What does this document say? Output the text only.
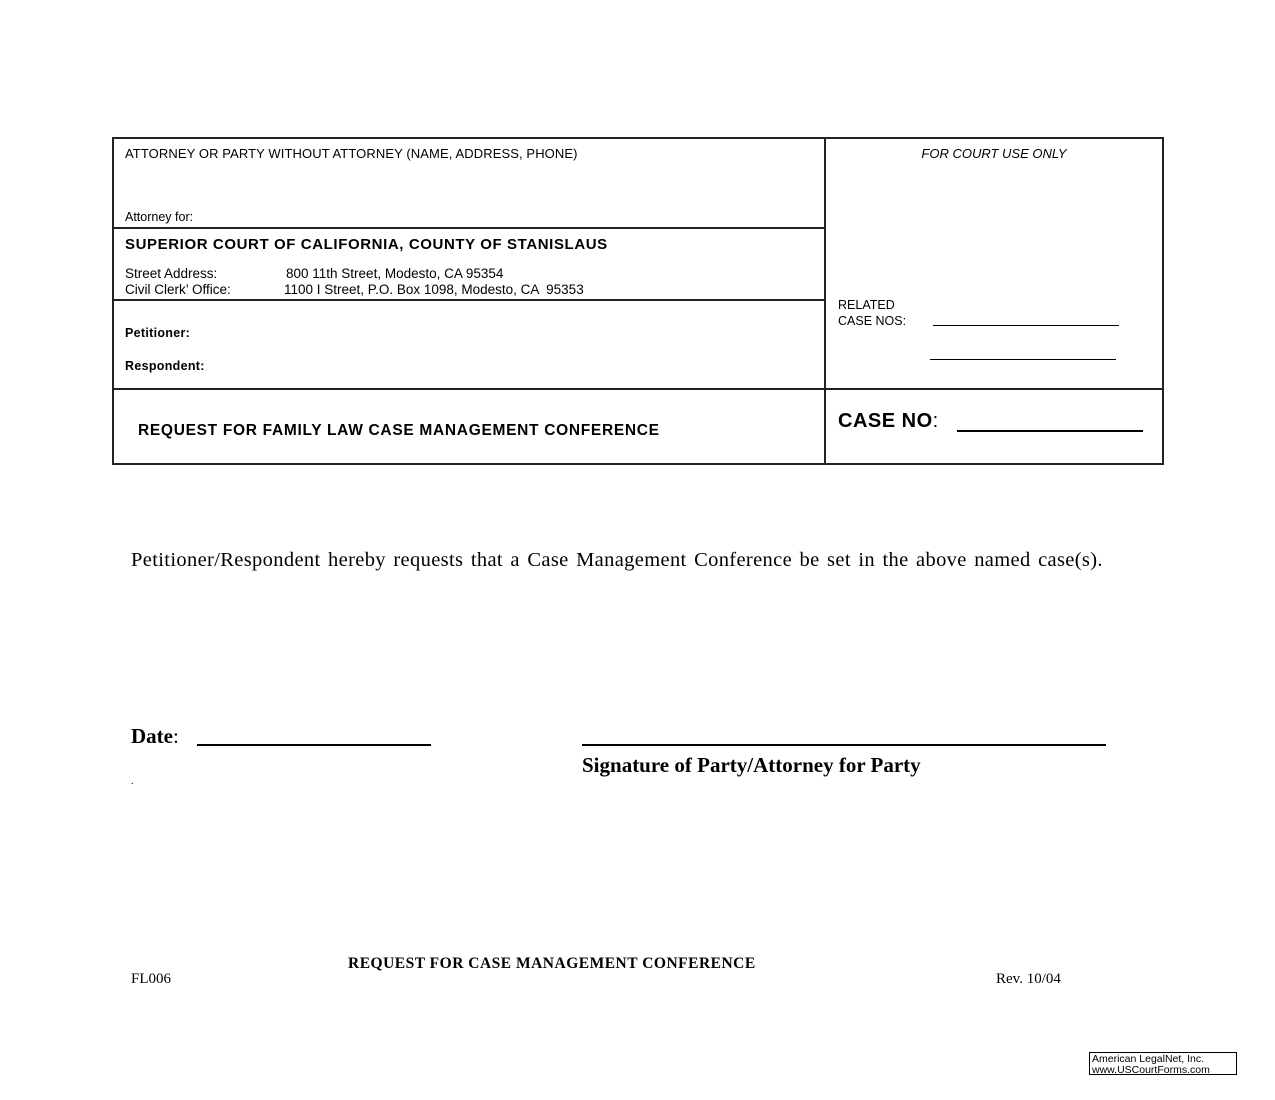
ATTORNEY OR PARTY WITHOUT ATTORNEY (NAME, ADDRESS, PHONE)
Attorney for:
SUPERIOR COURT OF CALIFORNIA, COUNTY OF STANISLAUS
Street Address:	800 11th Street, Modesto, CA 95354
Civil Clerk’ Office:	1100 I Street, P.O. Box 1098, Modesto, CA  95353
Petitioner:
Respondent:
REQUEST FOR FAMILY LAW CASE MANAGEMENT CONFERENCE
FOR COURT USE ONLY
RELATED
CASE NOS:
CASE NO:
Petitioner/Respondent hereby requests that a Case Management Conference be set in the above named case(s).
Date:
Signature of Party/Attorney for Party
.
REQUEST FOR CASE MANAGEMENT CONFERENCE
FL006	Rev. 10/04
American LegalNet, Inc.
www.USCourtForms.com
